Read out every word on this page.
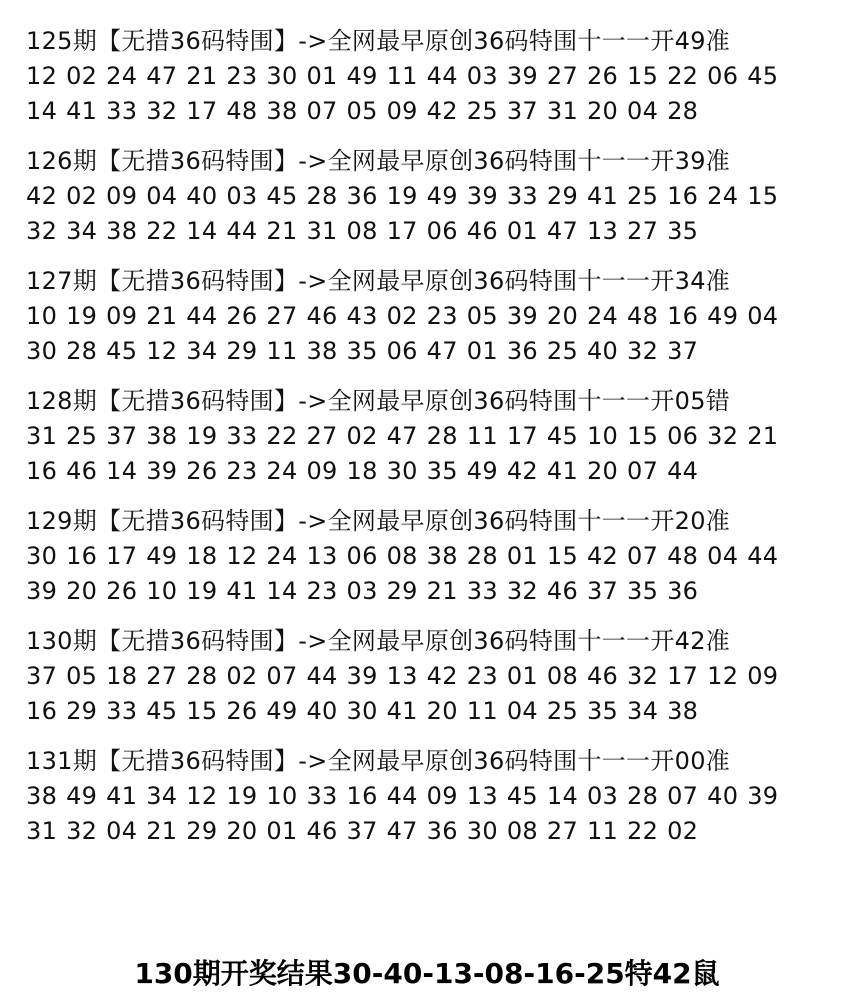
125期【无措36码特围】->全网最早原创36码特围十一一开49准
12 02 24 47 21 23 30 01 49 11 44 03 39 27 26 15 22 06 45
14 41 33 32 17 48 38 07 05 09 42 25 37 31 20 04 28
126期【无措36码特围】->全网最早原创36码特围十一一开39准
42 02 09 04 40 03 45 28 36 19 49 39 33 29 41 25 16 24 15
32 34 38 22 14 44 21 31 08 17 06 46 01 47 13 27 35
127期【无措36码特围】->全网最早原创36码特围十一一开34准
10 19 09 21 44 26 27 46 43 02 23 05 39 20 24 48 16 49 04
30 28 45 12 34 29 11 38 35 06 47 01 36 25 40 32 37
128期【无措36码特围】->全网最早原创36码特围十一一开05错
31 25 37 38 19 33 22 27 02 47 28 11 17 45 10 15 06 32 21
16 46 14 39 26 23 24 09 18 30 35 49 42 41 20 07 44
129期【无措36码特围】->全网最早原创36码特围十一一开20准
30 16 17 49 18 12 24 13 06 08 38 28 01 15 42 07 48 04 44
39 20 26 10 19 41 14 23 03 29 21 33 32 46 37 35 36
130期【无措36码特围】->全网最早原创36码特围十一一开42准
37 05 18 27 28 02 07 44 39 13 42 23 01 08 46 32 17 12 09
16 29 33 45 15 26 49 40 30 41 20 11 04 25 35 34 38
131期【无措36码特围】->全网最早原创36码特围十一一开00准
38 49 41 34 12 19 10 33 16 44 09 13 45 14 03 28 07 40 39
31 32 04 21 29 20 01 46 37 47 36 30 08 27 11 22 02
130期开奖结果30-40-13-08-16-25特42鼠
